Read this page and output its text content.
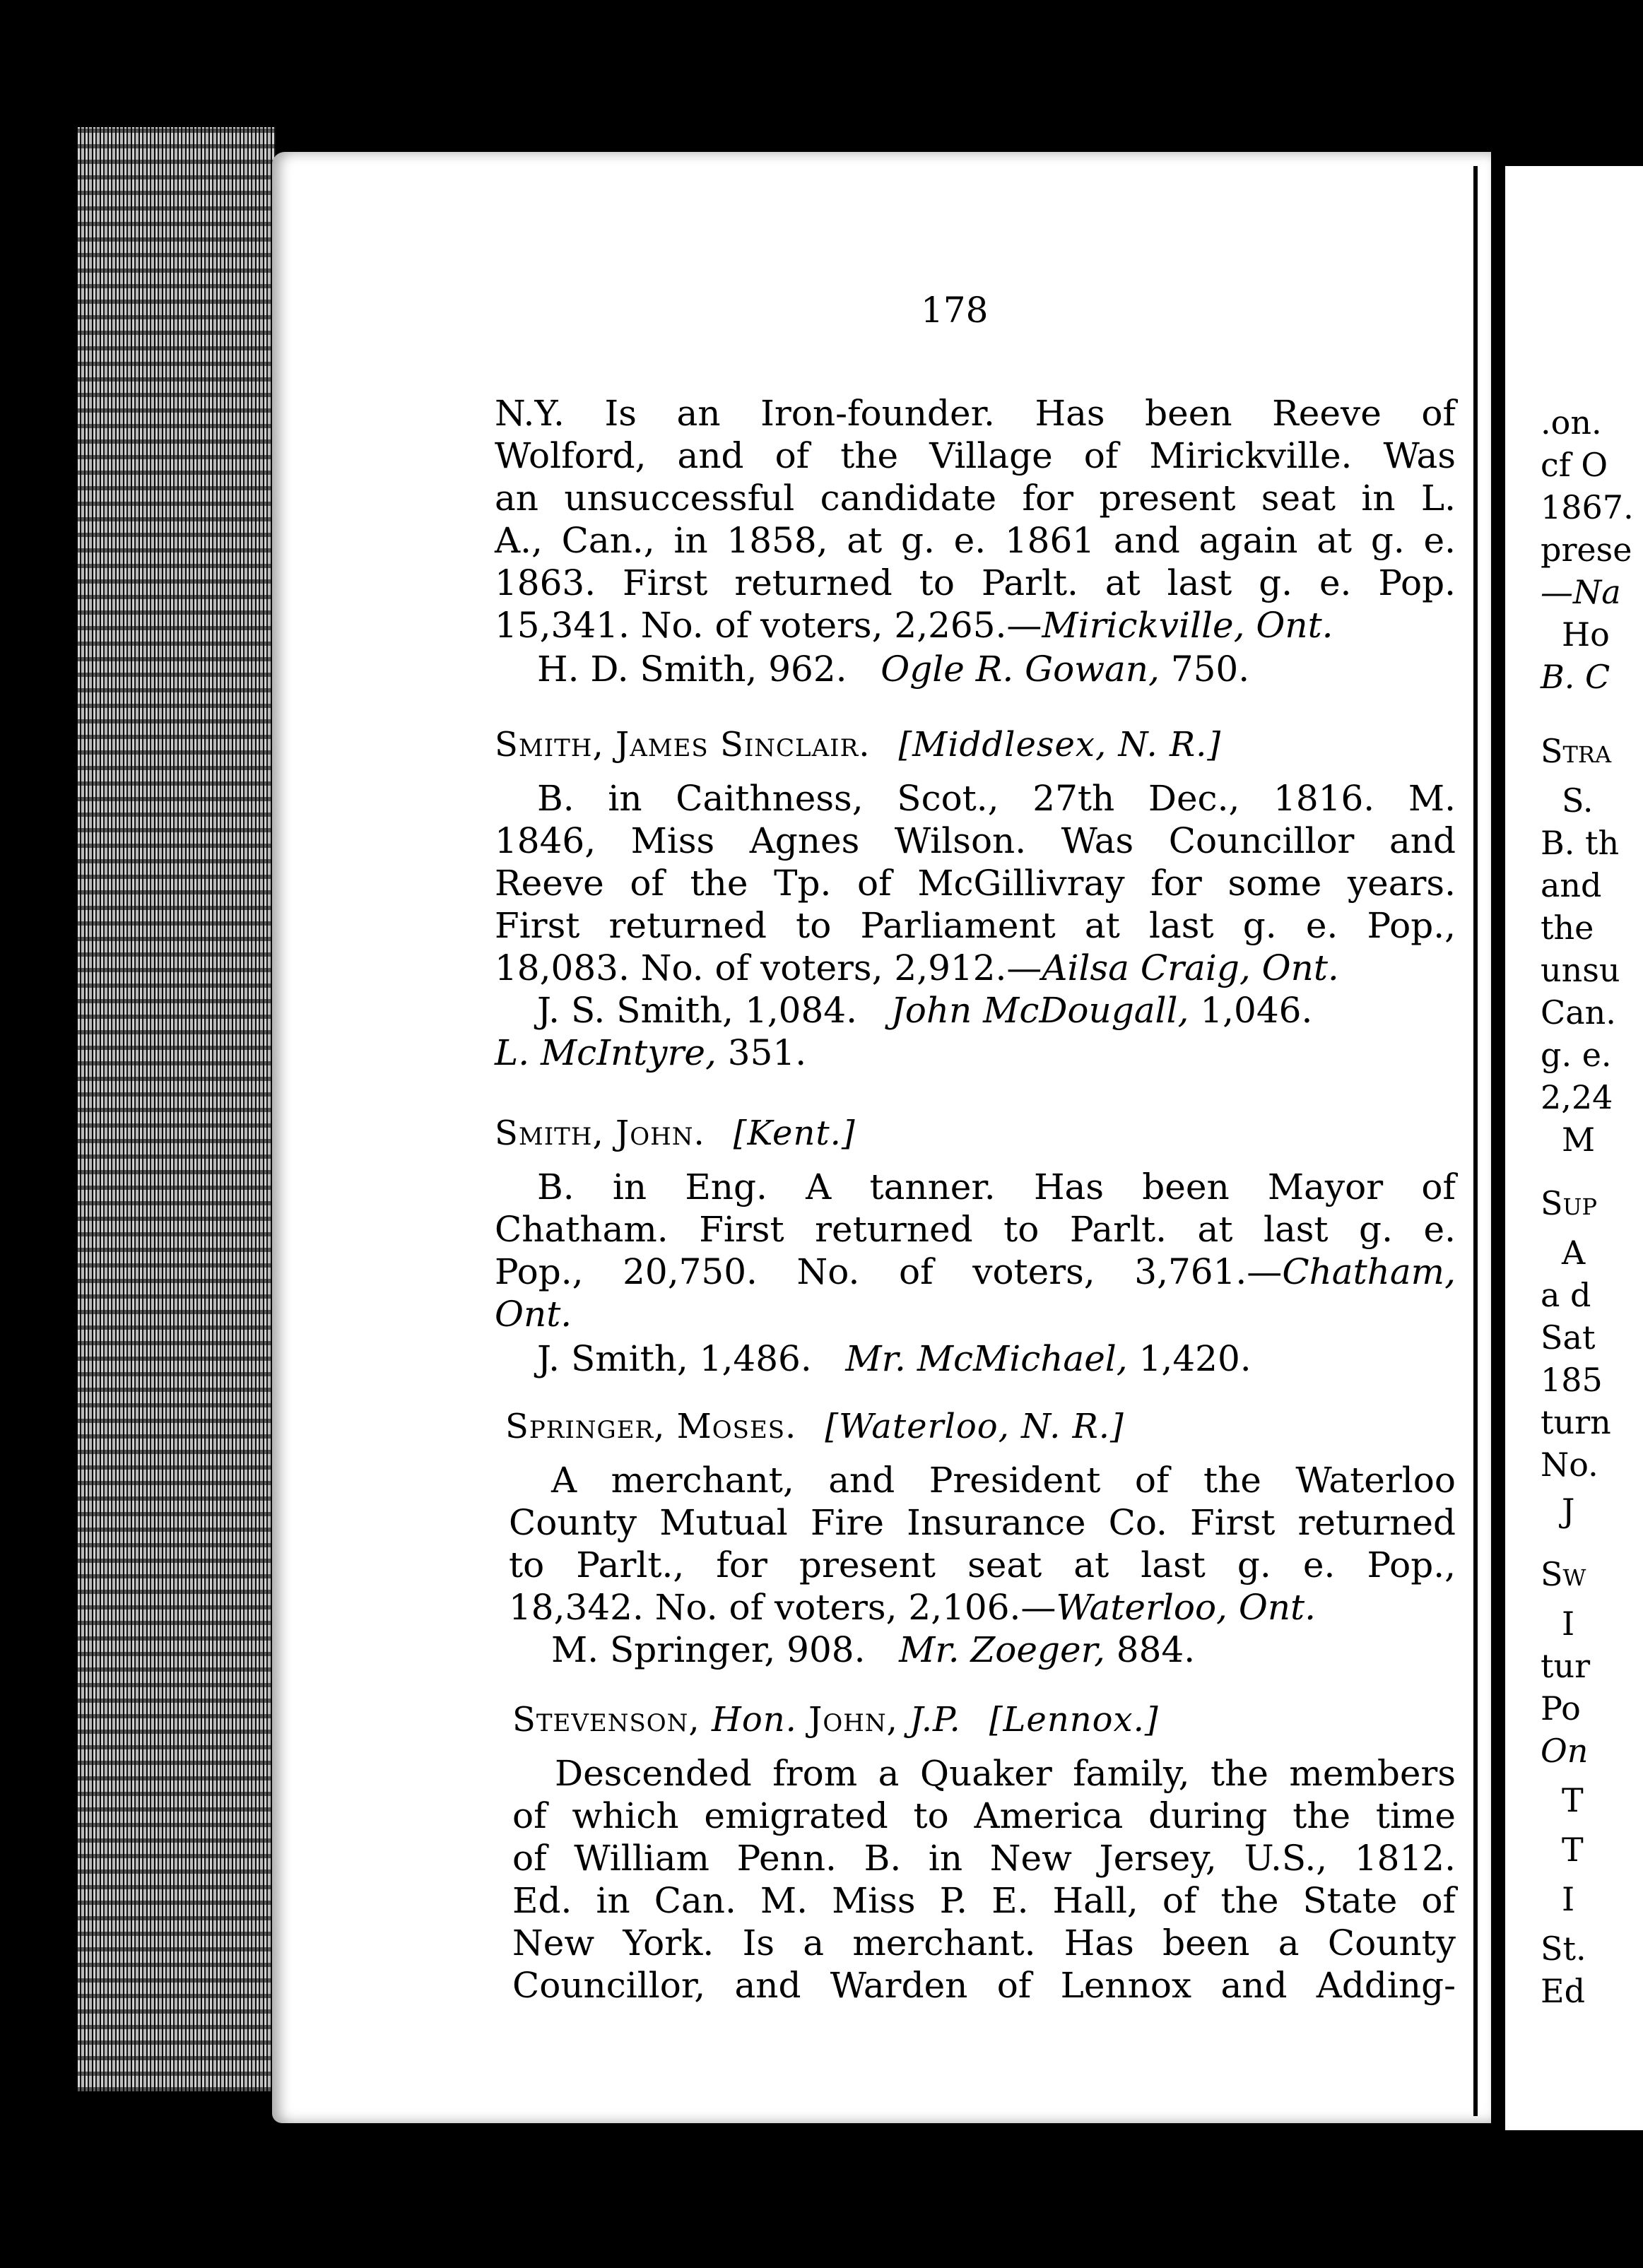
178
N.Y. Is an Iron-founder. Has been Reeve of
Wolford, and of the Village of Mirickville. Was
an unsuccessful candidate for present seat in L.
A., Can., in 1858, at g. e. 1861 and again at g. e.
1863. First returned to Parlt. at last g. e. Pop.
15,341. No. of voters, 2,265.—Mirickville, Ont.
H. D. Smith, 962. Ogle R. Gowan, 750.
Smith, James Sinclair. [Middlesex, N. R.]
B. in Caithness, Scot., 27th Dec., 1816. M.
1846, Miss Agnes Wilson. Was Councillor and
Reeve of the Tp. of McGillivray for some years.
First returned to Parliament at last g. e. Pop.,
18,083. No. of voters, 2,912.—Ailsa Craig, Ont.
J. S. Smith, 1,084. John McDougall, 1,046.
L. McIntyre, 351.
Smith, John. [Kent.]
B. in Eng. A tanner. Has been Mayor of
Chatham. First returned to Parlt. at last g. e.
Pop., 20,750. No. of voters, 3,761.—Chatham,
Ont.
J. Smith, 1,486. Mr. McMichael, 1,420.
Springer, Moses. [Waterloo, N. R.]
A merchant, and President of the Waterloo
County Mutual Fire Insurance Co. First returned
to Parlt., for present seat at last g. e. Pop.,
18,342. No. of voters, 2,106.—Waterloo, Ont.
M. Springer, 908. Mr. Zoeger, 884.
Stevenson, Hon. John, J.P. [Lennox.]
Descended from a Quaker family, the members
of which emigrated to America during the time
of William Penn. B. in New Jersey, U.S., 1812.
Ed. in Can. M. Miss P. E. Hall, of the State of
New York. Is a merchant. Has been a County
Councillor, and Warden of Lennox and Adding-
.on.
cf O
1867.
prese
—Na
Ho
B. C
Stra
S.
B. th
and
the
unsu
Can.
g. e.
2,24
M
Sup
A
a d
Sat
185
turn
No.
J
Sw
I
tur
Po
On
T
T
I
St.
Ed
